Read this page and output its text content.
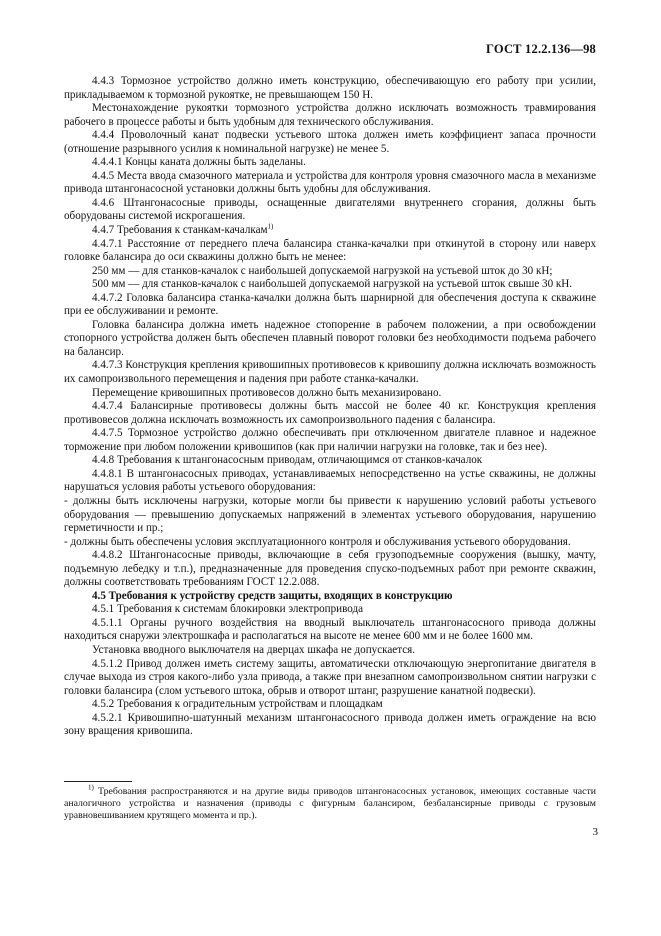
ГОСТ 12.2.136—98

4.4.3 Тормозное устройство должно иметь конструкцию, обеспечивающую его работу при усилии, прикладываемом к тормозной рукоятке, не превышающем 150 Н.

Местонахождение рукоятки тормозного устройства должно исключать возможность травмирования рабочего в процессе работы и быть удобным для технического обслуживания.

4.4.4 Проволочный канат подвески устьевого штока должен иметь коэффициент запаса прочности (отношение разрывного усилия к номинальной нагрузке) не менее 5.

4.4.4.1 Концы каната должны быть заделаны.

4.4.5 Места ввода смазочного материала и устройства для контроля уровня смазочного масла в механизме привода штангонасосной установки должны быть удобны для обслуживания.

4.4.6 Штангонасосные приводы, оснащенные двигателями внутреннего сгорания, должны быть оборудованы системой искрогашения.

4.4.7 Требования к станкам-качалкам$^{1)}$

4.4.7.1 Расстояние от переднего плеча балансира станка-качалки при откинутой в сторону или наверх головке балансира до оси скважины должно быть не менее:

250 мм — для станков-качалок с наибольшей допускаемой нагрузкой на устьевой шток до 30 кН;

500 мм — для станков-качалок с наибольшей допускаемой нагрузкой на устьевой шток свыше 30 кН.

4.4.7.2 Головка балансира станка-качалки должна быть шарнирной для обеспечения доступа к скважине при ее обслуживании и ремонте.

Головка балансира должна иметь надежное стопорение в рабочем положении, а при освобождении стопорного устройства должен быть обеспечен плавный поворот головки без необходимости подъема рабочего на балансир.

4.4.7.3 Конструкция крепления кривошипных противовесов к кривошипу должна исключать возможность их самопроизвольного перемещения и падения при работе станка-качалки.

Перемещение кривошипных противовесов должно быть механизировано.

4.4.7.4 Балансирные противовесы должны быть массой не более 40 кг. Конструкция крепления противовесов должна исключать возможность их самопроизвольного падения с балансира.

4.4.7.5 Тормозное устройство должно обеспечивать при отключенном двигателе плавное и надежное торможение при любом положении кривошипов (как при наличии нагрузки на головке, так и без нее).

4.4.8 Требования к штангонасосным приводам, отличающимся от станков-качалок

4.4.8.1 В штангонасосных приводах, устанавливаемых непосредственно на устье скважины, не должны нарушаться условия работы устьевого оборудования:

- должны быть исключены нагрузки, которые могли бы привести к нарушению условий работы устьевого оборудования — превышению допускаемых напряжений в элементах устьевого оборудования, нарушению герметичности и пр.;

- должны быть обеспечены условия эксплуатационного контроля и обслуживания устьевого оборудования.

4.4.8.2 Штангонасосные приводы, включающие в себя грузоподъемные сооружения (вышку, мачту, подъемную лебедку и т.п.), предназначенные для проведения спуско-подъемных работ при ремонте скважин, должны соответствовать требованиям ГОСТ 12.2.088.

4.5 Требования к устройству средств защиты, входящих в конструкцию

4.5.1 Требования к системам блокировки электропривода

4.5.1.1 Органы ручного воздействия на вводный выключатель штангонасосного привода должны находиться снаружи электрошкафа и располагаться на высоте не менее 600 мм и не более 1600 мм.

Установка вводного выключателя на дверцах шкафа не допускается.

4.5.1.2 Привод должен иметь систему защиты, автоматически отключающую энергопитание двигателя в случае выхода из строя какого-либо узла привода, а также при внезапном самопроизвольном снятии нагрузки с головки балансира (слом устьевого штока, обрыв и отворот штанг, разрушение канатной подвески).

4.5.2 Требования к оградительным устройствам и площадкам

4.5.2.1 Кривошипно-шатунный механизм штангонасосного привода должен иметь ограждение на всю зону вращения кривошипа.

$^{1)}$ Требования распространяются и на другие виды приводов штангонасосных установок, имеющих составные части аналогичного устройства и назначения (приводы с фигурным балансиром, безбалансирные приводы с грузовым уравновешиванием крутящего момента и пр.).

3
